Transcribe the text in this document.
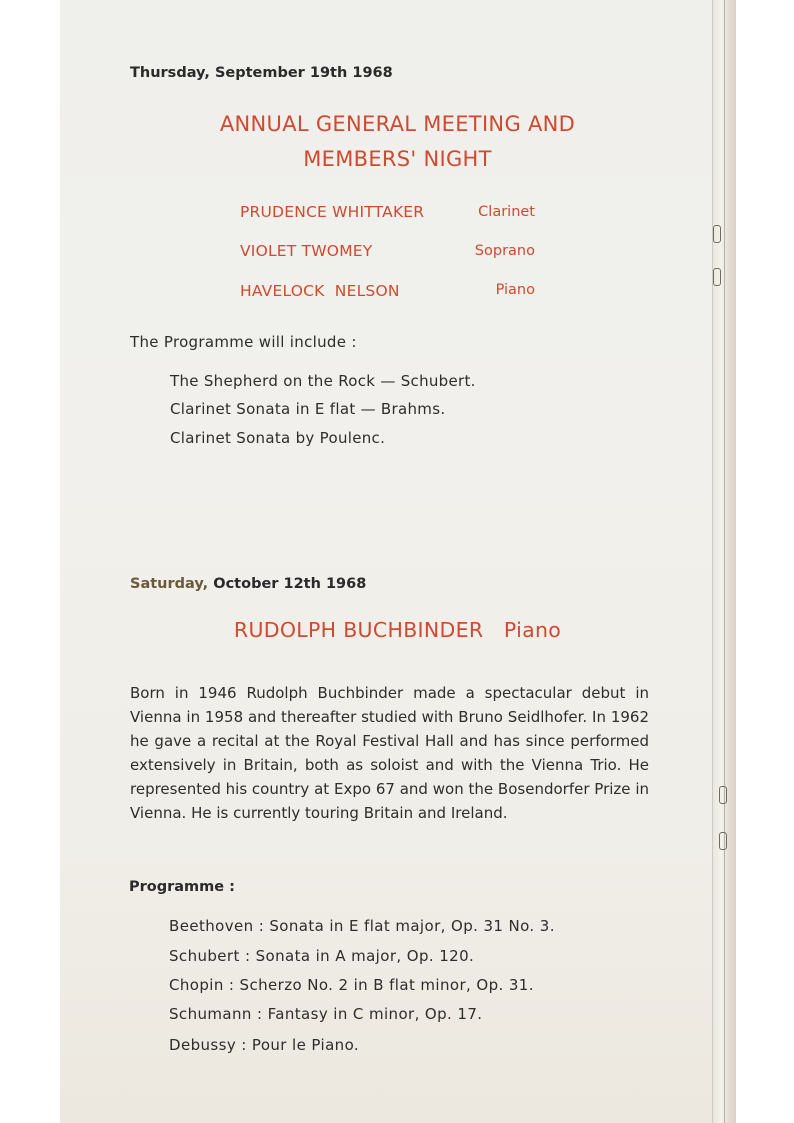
Thursday, September 19th 1968
ANNUAL GENERAL MEETING AND
MEMBERS' NIGHT
PRUDENCE WHITTAKER	Clarinet
VIOLET TWOMEY	Soprano
HAVELOCK  NELSON	Piano
The Programme will include :
The Shepherd on the Rock — Schubert.
Clarinet Sonata in E flat — Brahms.
Clarinet Sonata by Poulenc.
Saturday, October 12th 1968
RUDOLPH BUCHBINDER Piano
Born in 1946 Rudolph Buchbinder made a spectacular debut in Vienna in 1958 and thereafter studied with Bruno Seidlhofer. In 1962 he gave a recital at the Royal Festival Hall and has since performed extensively in Britain, both as soloist and with the Vienna Trio. He represented his country at Expo 67 and won the Bosendorfer Prize in Vienna. He is currently touring Britain and Ireland.
Programme :
Beethoven : Sonata in E flat major, Op. 31 No. 3.
Schubert : Sonata in A major, Op. 120.
Chopin : Scherzo No. 2 in B flat minor, Op. 31.
Schumann : Fantasy in C minor, Op. 17.
Debussy : Pour le Piano.
